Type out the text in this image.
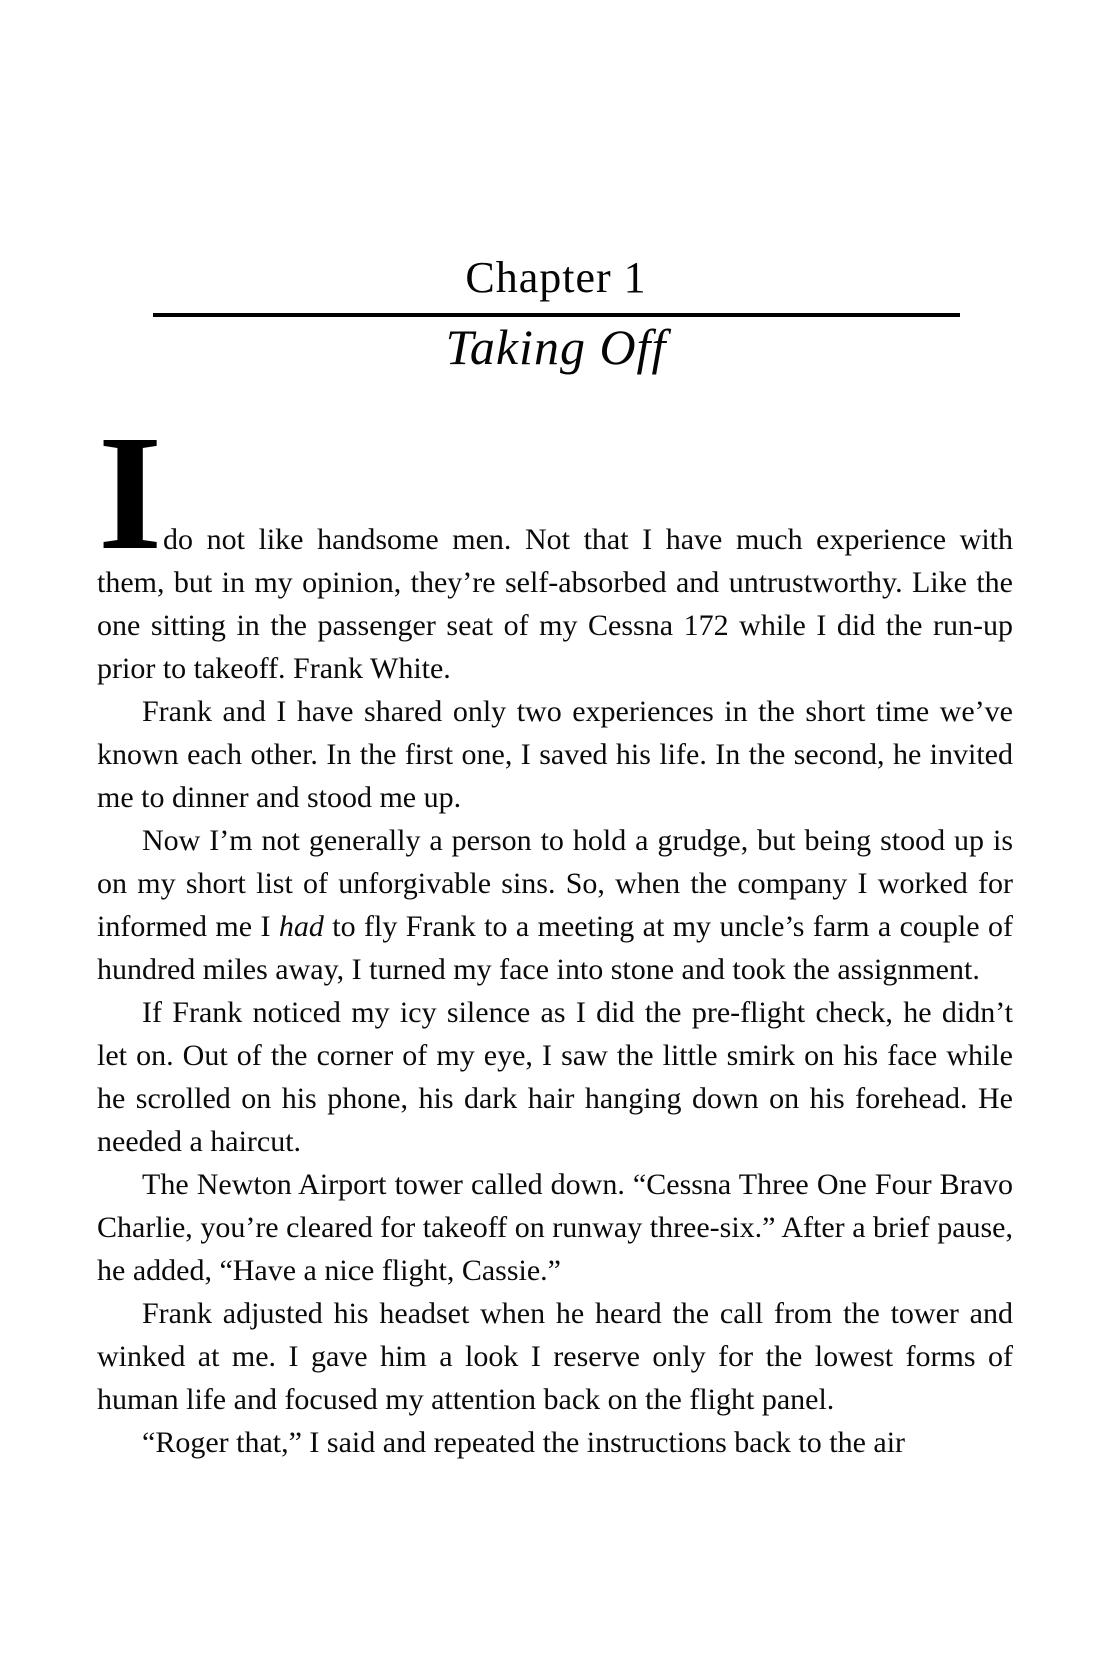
Chapter 1
Taking Off
I do not like handsome men. Not that I have much experience with them, but in my opinion, they’re self-absorbed and untrustworthy. Like the one sitting in the passenger seat of my Cessna 172 while I did the run-up prior to takeoff. Frank White.

Frank and I have shared only two experiences in the short time we’ve known each other. In the first one, I saved his life. In the second, he invited me to dinner and stood me up.

Now I’m not generally a person to hold a grudge, but being stood up is on my short list of unforgivable sins. So, when the company I worked for informed me I had to fly Frank to a meeting at my uncle’s farm a couple of hundred miles away, I turned my face into stone and took the assignment.

If Frank noticed my icy silence as I did the pre-flight check, he didn’t let on. Out of the corner of my eye, I saw the little smirk on his face while he scrolled on his phone, his dark hair hanging down on his forehead. He needed a haircut.

The Newton Airport tower called down. “Cessna Three One Four Bravo Charlie, you’re cleared for takeoff on runway three-six.” After a brief pause, he added, “Have a nice flight, Cassie.”

Frank adjusted his headset when he heard the call from the tower and winked at me. I gave him a look I reserve only for the lowest forms of human life and focused my attention back on the flight panel.

“Roger that,” I said and repeated the instructions back to the air
